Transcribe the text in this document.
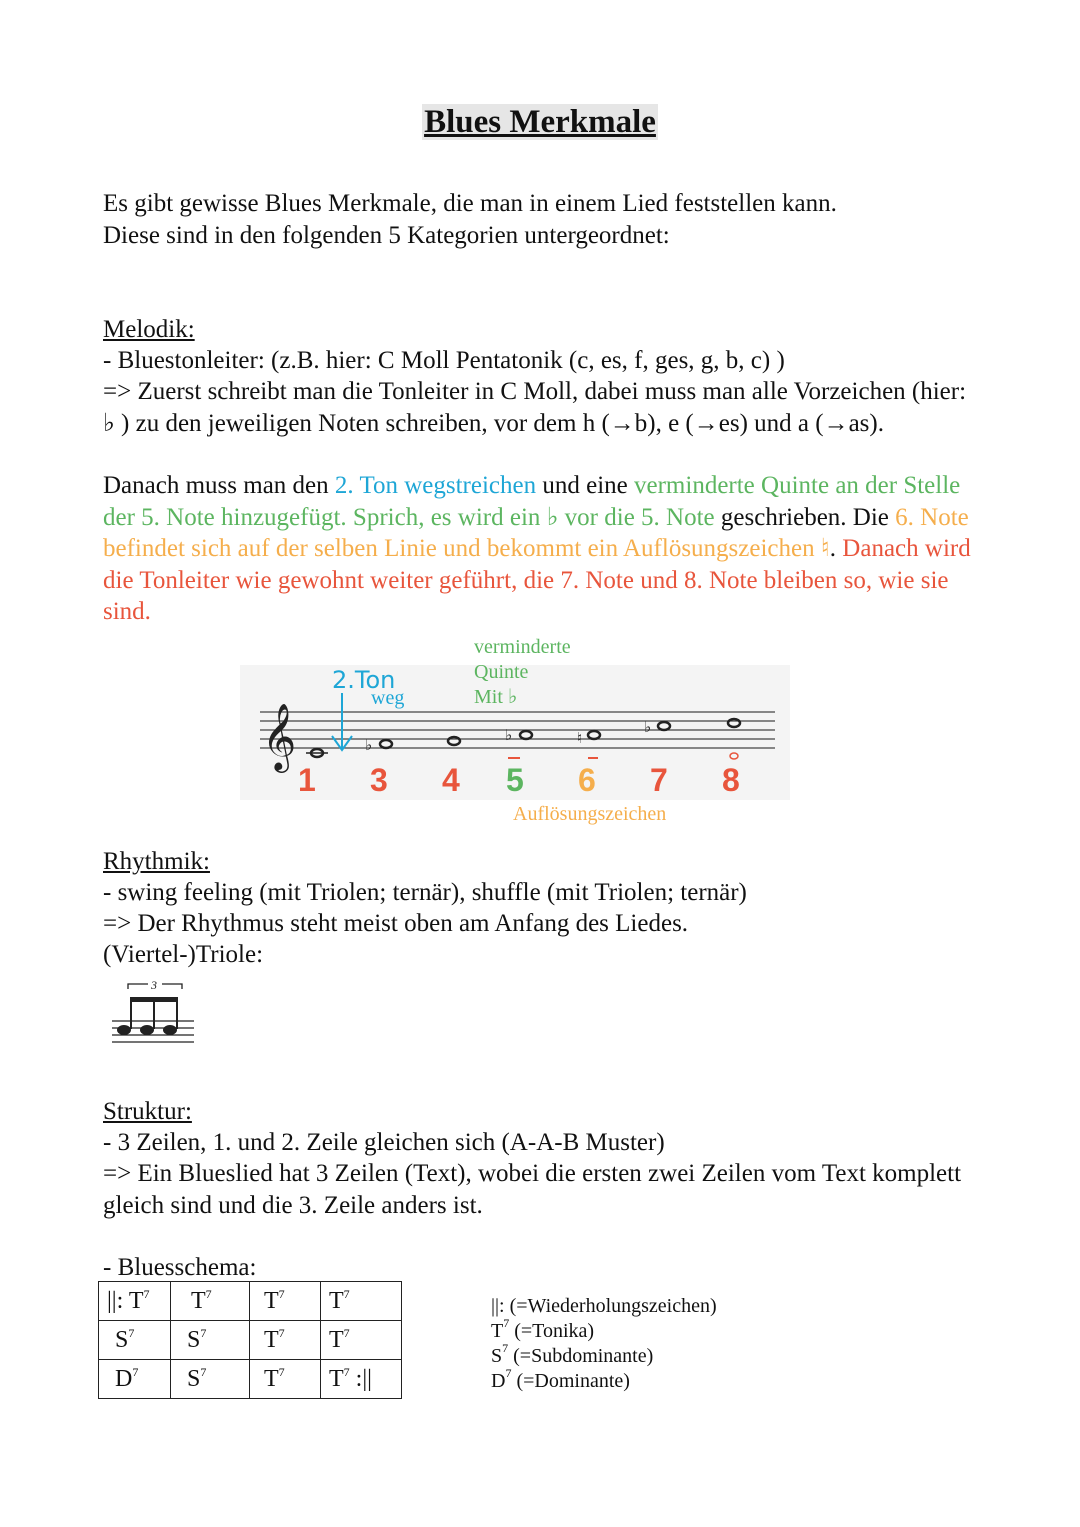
Blues Merkmale
Es gibt gewisse Blues Merkmale, die man in einem Lied feststellen kann.
Diese sind in den folgenden 5 Kategorien untergeordnet:
Melodik:
- Bluestonleiter: (z.B. hier: C Moll Pentatonik (c, es, f, ges, g, b, c) )
=> Zuerst schreibt man die Tonleiter in C Moll, dabei muss man alle Vorzeichen (hier: ♭ ) zu den jeweiligen Noten schreiben, vor dem h (→b), e (→es) und a (→as).
Danach muss man den 2. Ton wegstreichen und eine verminderte Quinte an der Stelle der 5. Note hinzugefügt. Sprich, es wird ein ♭ vor die 5. Note geschrieben. Die 6. Note befindet sich auf der selben Linie und bekommt ein Auflösungszeichen ♮. Danach wird die Tonleiter wie gewohnt weiter geführt, die 7. Note und 8. Note bleiben so, wie sie sind.
𝄞	♭
♭	♮
♭
2.Ton
1 3 4 5 6 7 8
weg
verminderte
Quinte
Mit ♭
Auflösungszeichen
Rhythmik:
- swing feeling (mit Triolen; ternär), shuffle (mit Triolen; ternär)
=> Der Rhythmus steht meist oben am Anfang des Liedes.
(Viertel-)Triole:
3
Struktur:
- 3 Zeilen, 1. und 2. Zeile gleichen sich (A-A-B Muster)
=> Ein Blueslied hat 3 Zeilen (Text), wobei die ersten zwei Zeilen vom Text komplett gleich sind und die 3. Zeile anders ist.
- Bluesschema:
||: $T^7$	$T^7$	$T^7$	$T^7$
$S^7$	$S^7$	$T^7$	$T^7$
$D^7$	$S^7$	$T^7$	$T^7$ :||
||: (=Wiederholungszeichen)
$T^7$ (=Tonika)
$S^7$ (=Subdominante)
$D^7$ (=Dominante)
